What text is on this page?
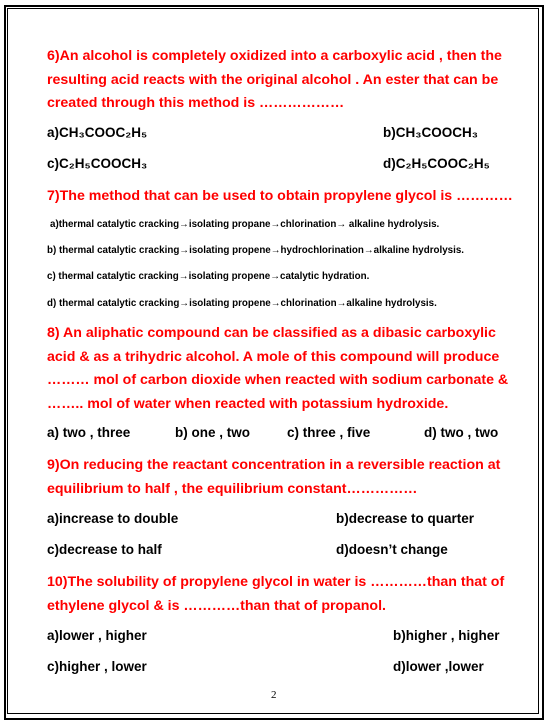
6)An alcohol is completely oxidized into a carboxylic acid , then the resulting acid reacts with the original alcohol . An ester that can be created through this method is ………………

a)CH₃COOC₂H₅	b)CH₃COOCH₃
c)C₂H₅COOCH₃	d)C₂H₅COOC₂H₅

7)The method that can be used to obtain propylene glycol is …………

a)thermal catalytic cracking→isolating propane→chlorination→ alkaline hydrolysis.
b) thermal catalytic cracking→isolating propene→hydrochlorination→alkaline hydrolysis.
c) thermal catalytic cracking→isolating propene→catalytic hydration.
d) thermal catalytic cracking→isolating propene→chlorination→alkaline hydrolysis.

8) An aliphatic compound can be classified as a dibasic carboxylic acid & as a trihydric alcohol. A mole of this compound will produce ……… mol of carbon dioxide when reacted with sodium carbonate & …….. mol of water when reacted with potassium hydroxide.

a) two , three	b) one , two	c) three , five	d) two , two

9)On reducing the reactant concentration in a reversible reaction at equilibrium to half , the equilibrium constant……………

a)increase to double	b)decrease to quarter
c)decrease to half	d)doesn’t change

10)The solubility of propylene glycol in water is …………than that of ethylene glycol & is …………than that of propanol.

a)lower , higher	b)higher , higher
c)higher , lower	d)lower ,lower
2
